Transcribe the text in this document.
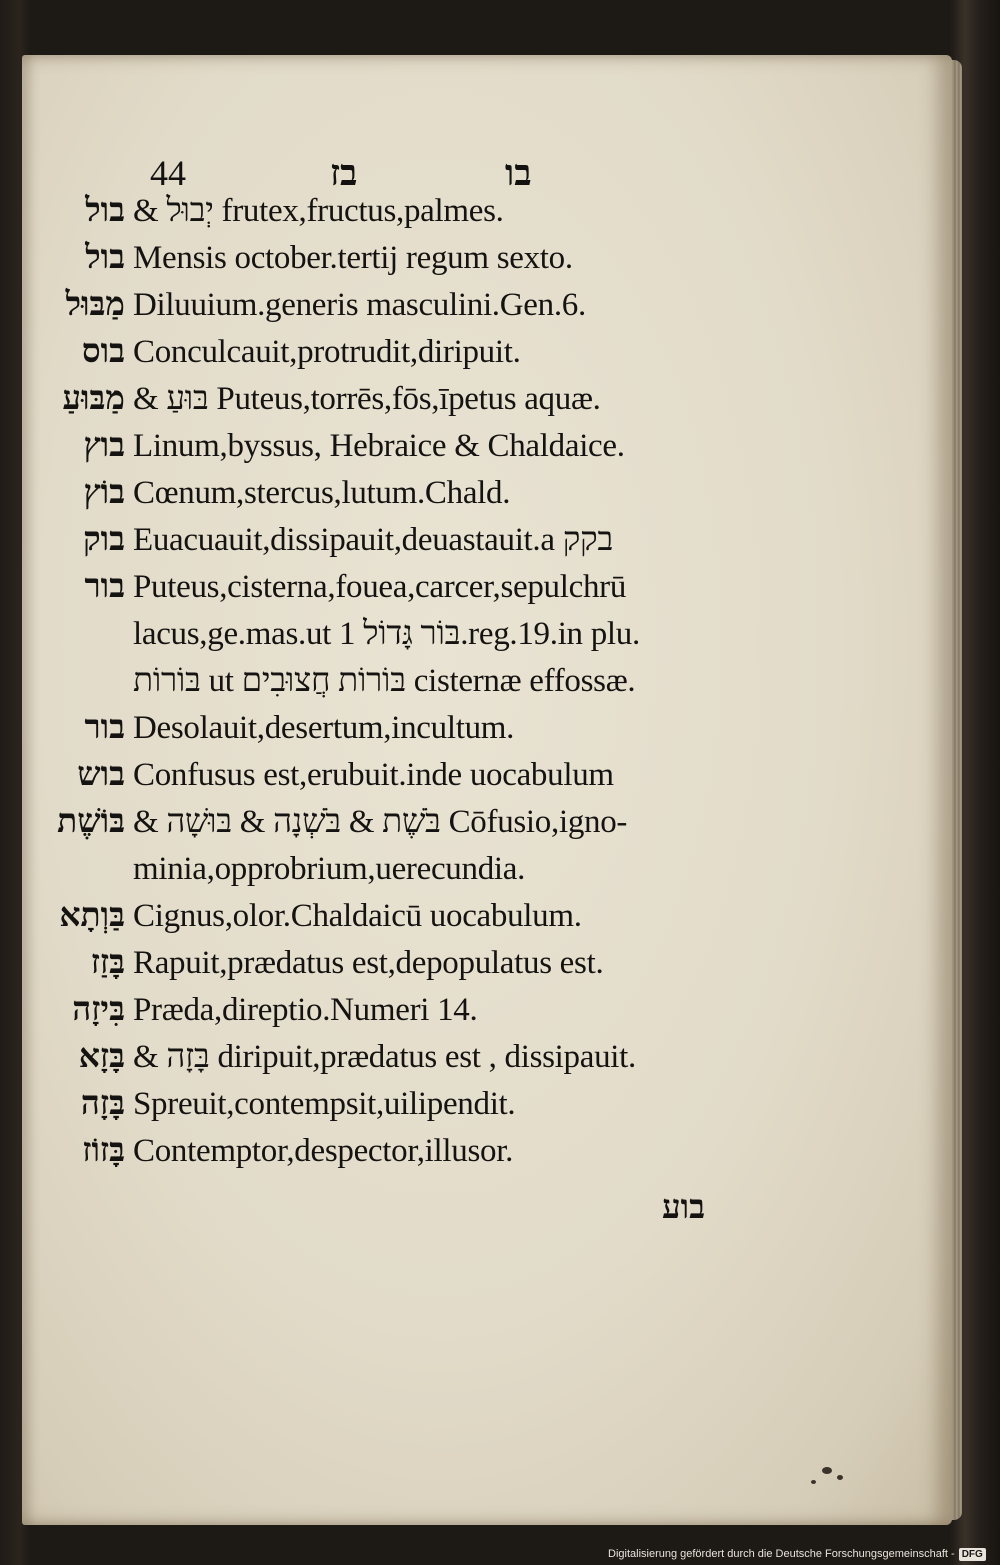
44	בז	בו
בול & יְבוּל frutex,fructus,palmes.
בול Mensis october.tertij regum sexto.
מַבּוּל Diluuium.generis masculini.Gen.6.
בוס Conculcauit,protrudit,diripuit.
מַבּוּעַ & בּוּעַ Puteus,torrēs,fōs,īpetus aquæ.
בוץ Linum,byssus, Hebraice & Chaldaice.
בוֹץ Cœnum,stercus,lutum.Chald.
בוק Euacuauit,dissipauit,deuastauit.a בקק
בור Puteus,cisterna,fouea,carcer,sepulchrū
lacus,ge.mas.ut בּוֹר גָּדוֹל 1.reg.19.in plu.
בּוֹרוֹת ut בּוֹרוֹת חֲצוּבִים cisternæ effossæ.
בור Desolauit,desertum,incultum.
בוש Confusus est,erubuit.inde uocabulum
בּוֹשֶׁת & בֹּשֶׁת & בֹּשְׁנָה & בּוּשָׁה Cōfusio,igno-
minia,opprobrium,uerecundia.
בַּוְתָא Cignus,olor.Chaldaicū uocabulum.
בָּזַז Rapuit,prædatus est,depopulatus est.
בִּיזָה Præda,direptio.Numeri 14.
בָּזָא & בָּזָה diripuit,prædatus est , dissipauit.
בָּזָה Spreuit,contempsit,uilipendit.
בָּזוֹז Contemptor,despector,illusor.
בוע
Digitalisierung gefördert durch die Deutsche Forschungsgemeinschaft - DFG
